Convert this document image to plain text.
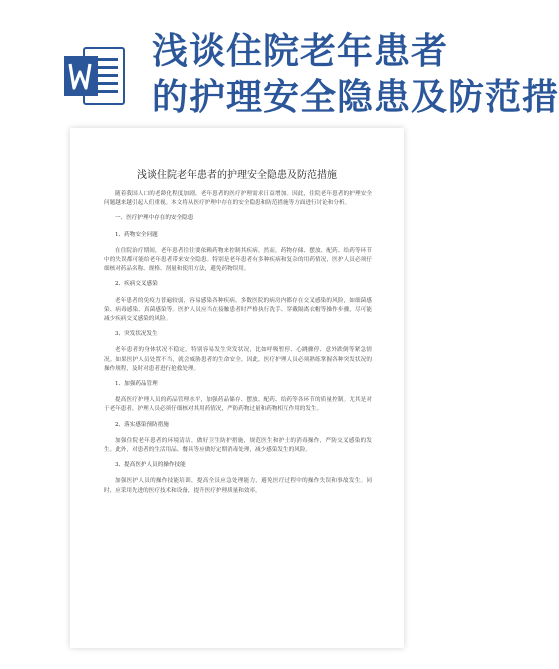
浅谈住院老年患者
的护理安全隐患及防范措
浅谈住院老年患者的护理安全隐患及防范措施

随着我国人口的老龄化程度加剧，老年患者的医疗护理需求日益增加。因此，住院老年患者的护理安全问题越来越引起人们重视。本文将从医疗护理中存在的安全隐患和防范措施等方面进行讨论和分析。

一、医疗护理中存在的安全隐患

1、药物安全问题

在住院治疗期间，老年患者往往要依赖药物来控制其疾病。然而，药物存储、摆放、配药、给药等环节中的失误都可能给老年患者带来安全隐患。特别是老年患者有多种疾病和复杂的用药情况，医护人员必须仔细核对药品名称、规格、剂量和使用方法，避免药物误用。

2、疾病交叉感染

老年患者的免疫力普遍较弱，容易感染各种疾病。多数医院的病房内都存在交叉感染的风险，如细菌感染、病毒感染、真菌感染等。医护人员应当在接触患者时严格执行洗手、穿戴隔离衣帽等操作步骤，尽可能减少疾病交叉感染的风险。

3、突发状况发生

老年患者的身体状况不稳定，特别容易发生突发状况，比如呼吸暂停、心跳骤停、意外跌倒等紧急情况。如果医护人员处置不当，就会威胁患者的生命安全。因此，医疗护理人员必须熟练掌握各种突发状况的操作规程，及时对患者进行抢救处理。

1、加强药品管理

提高医疗护理人员的药品管理水平，加强药品储存、摆放、配药、给药等各环节的质量控制。尤其是对于老年患者，护理人员必须仔细核对其用药情况，严防药物过量和药物相互作用的发生。

2、落实感染预防措施

加强住院老年患者的环境清洁，做好卫生防护措施，规范医生和护士的消毒操作，严防交叉感染的发生。此外，对患者的生活用品、餐具等应做好定期消毒处理，减少感染发生的风险。

3、提高医护人员的操作技能

加强医护人员的操作技能培训，提高全员应急处理能力，避免医疗过程中的操作失误和事故发生。同时，应采用先进的医疗技术和设备，提升医疗护理质量和效率。
